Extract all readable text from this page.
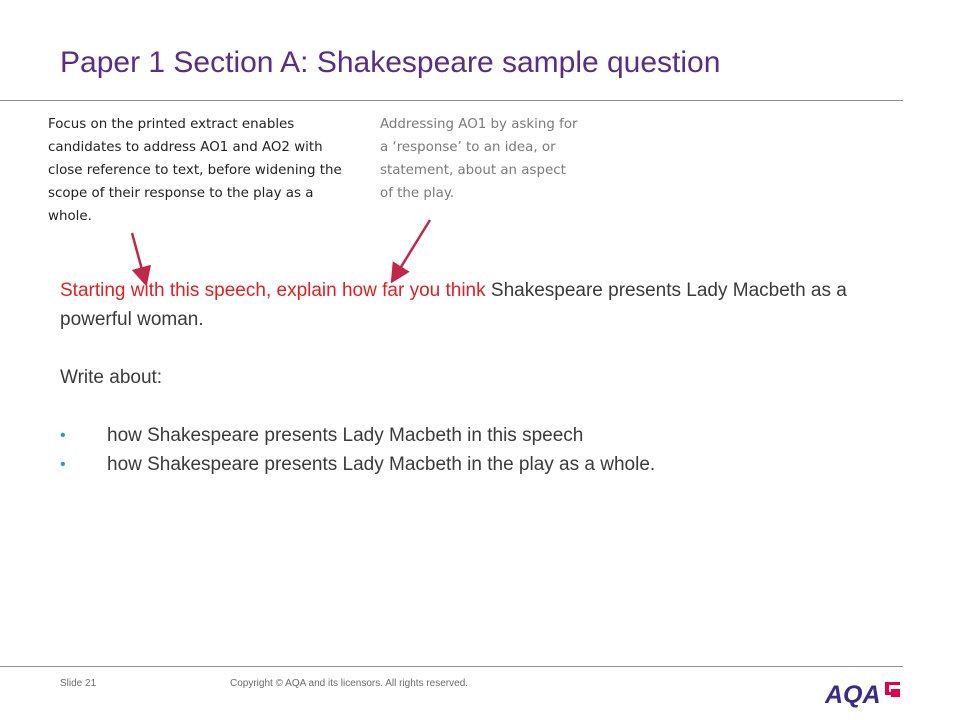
Paper 1 Section A: Shakespeare sample question
Focus on the printed extract enables candidates to address AO1 and AO2 with close reference to text, before widening the scope of their response to the play as a whole.
Addressing AO1 by asking for a ‘response’ to an idea, or statement, about an aspect of the play.
Starting with this speech, explain how far you think Shakespeare presents Lady Macbeth as a powerful woman.
Write about:
• how Shakespeare presents Lady Macbeth in this speech
• how Shakespeare presents Lady Macbeth in the play as a whole.
Slide 21	Copyright © AQA and its licensors. All rights reserved.	AQA
